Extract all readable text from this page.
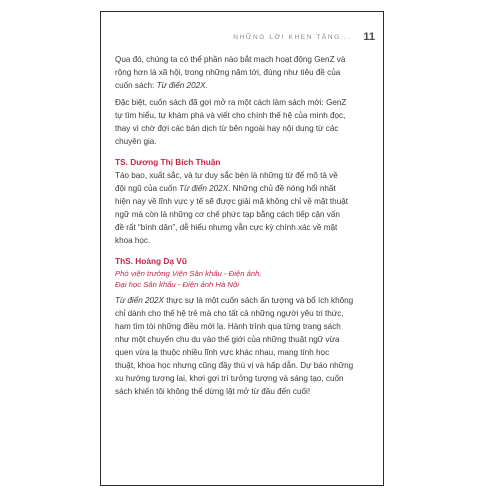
NHỮNG LỜI KHEN TẶNG... 11

Qua đó, chúng ta có thể phần nào bắt mạch hoạt động GenZ và
rộng hơn là xã hội, trong những năm tới, đúng như tiêu đề của
cuốn sách: Từ điển 202X.

Đặc biệt, cuốn sách đã gợi mở ra một cách làm sách mới: GenZ
tự tìm hiểu, tự khám phá và viết cho chính thế hệ của mình đọc,
thay vì chờ đợi các bản dịch từ bên ngoài hay nội dung từ các
chuyên gia.

TS. Dương Thị Bích Thuận

Táo bạo, xuất sắc, và tư duy sắc bén là những từ để mô tả về
đội ngũ của cuốn Từ điển 202X. Những chủ đề nóng hổi nhất
hiện nay về lĩnh vực y tế sẽ được giải mã không chỉ về mặt thuật
ngữ mà còn là những cơ chế phức tạp bằng cách tiếp cận vấn
đề rất “bình dân”, dễ hiểu nhưng vẫn cực kỳ chính xác về mặt
khoa học.

ThS. Hoàng Dạ Vũ

Phó viện trưởng Viện Sân khấu - Điện ảnh,
Đại học Sân khấu - Điện ảnh Hà Nội

Từ điển 202X thực sự là một cuốn sách ấn tượng và bổ ích không
chỉ dành cho thế hệ trẻ mà cho tất cả những người yêu tri thức,
ham tìm tòi những điều mới lạ. Hành trình qua từng trang sách
như một chuyến chu du vào thế giới của những thuật ngữ vừa
quen vừa lạ thuộc nhiều lĩnh vực khác nhau, mang tính học
thuật, khoa học nhưng cũng đầy thú vị và hấp dẫn. Dự báo những
xu hướng tương lai, khơi gợi trí tưởng tượng và sáng tạo, cuốn
sách khiến tôi không thể dừng lật mở từ đầu đến cuối!
